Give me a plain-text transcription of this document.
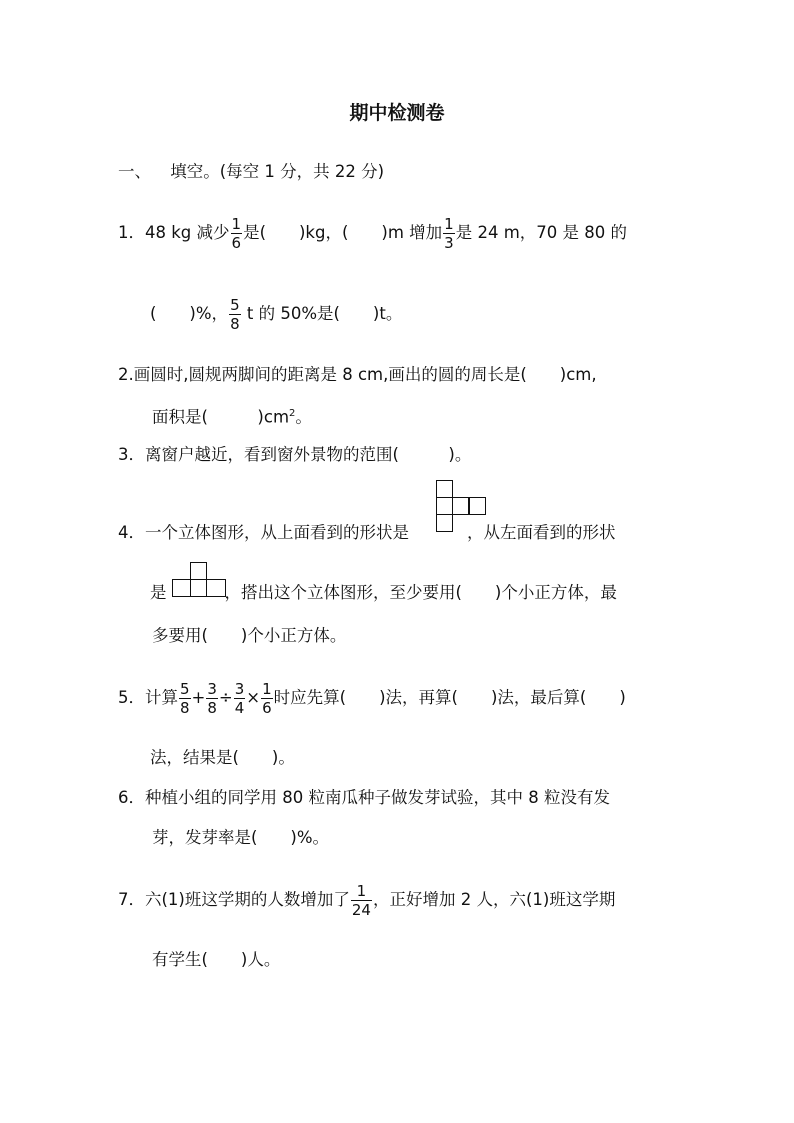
期中检测卷
一、 填空。(每空 1 分，共 22 分)
1．48 kg 减少 $\frac{1}{6}$ 是(　　)kg，(　　)m 增加 $\frac{1}{3}$ 是 24 m，70 是 80 的
(　　)%， $\frac{5}{8}$ t 的 50%是(　　)t。
2.画圆时,圆规两脚间的距离是 8 cm,画出的圆的周长是(　　)cm,
面积是(　　　)$cm^2$。
3．离窗户越近，看到窗外景物的范围(　　　)。
4．一个立体图形，从上面看到的形状是	，从左面看到的形状
是	，搭出这个立体图形，至少要用(　　)个小正方体，最
多要用(　　)个小正方体。
5．计算 $\frac{5}{8} + \frac{3}{8} \div \frac{3}{4} \times \frac{1}{6}$ 时应先算(　　)法，再算(　　)法，最后算(　　)
法，结果是(　　)。
6．种植小组的同学用 80 粒南瓜种子做发芽试验，其中 8 粒没有发
芽，发芽率是(　　)%。
7．六(1)班这学期的人数增加了 $\frac{1}{24}$ ，正好增加 2 人，六(1)班这学期
有学生(　　)人。
